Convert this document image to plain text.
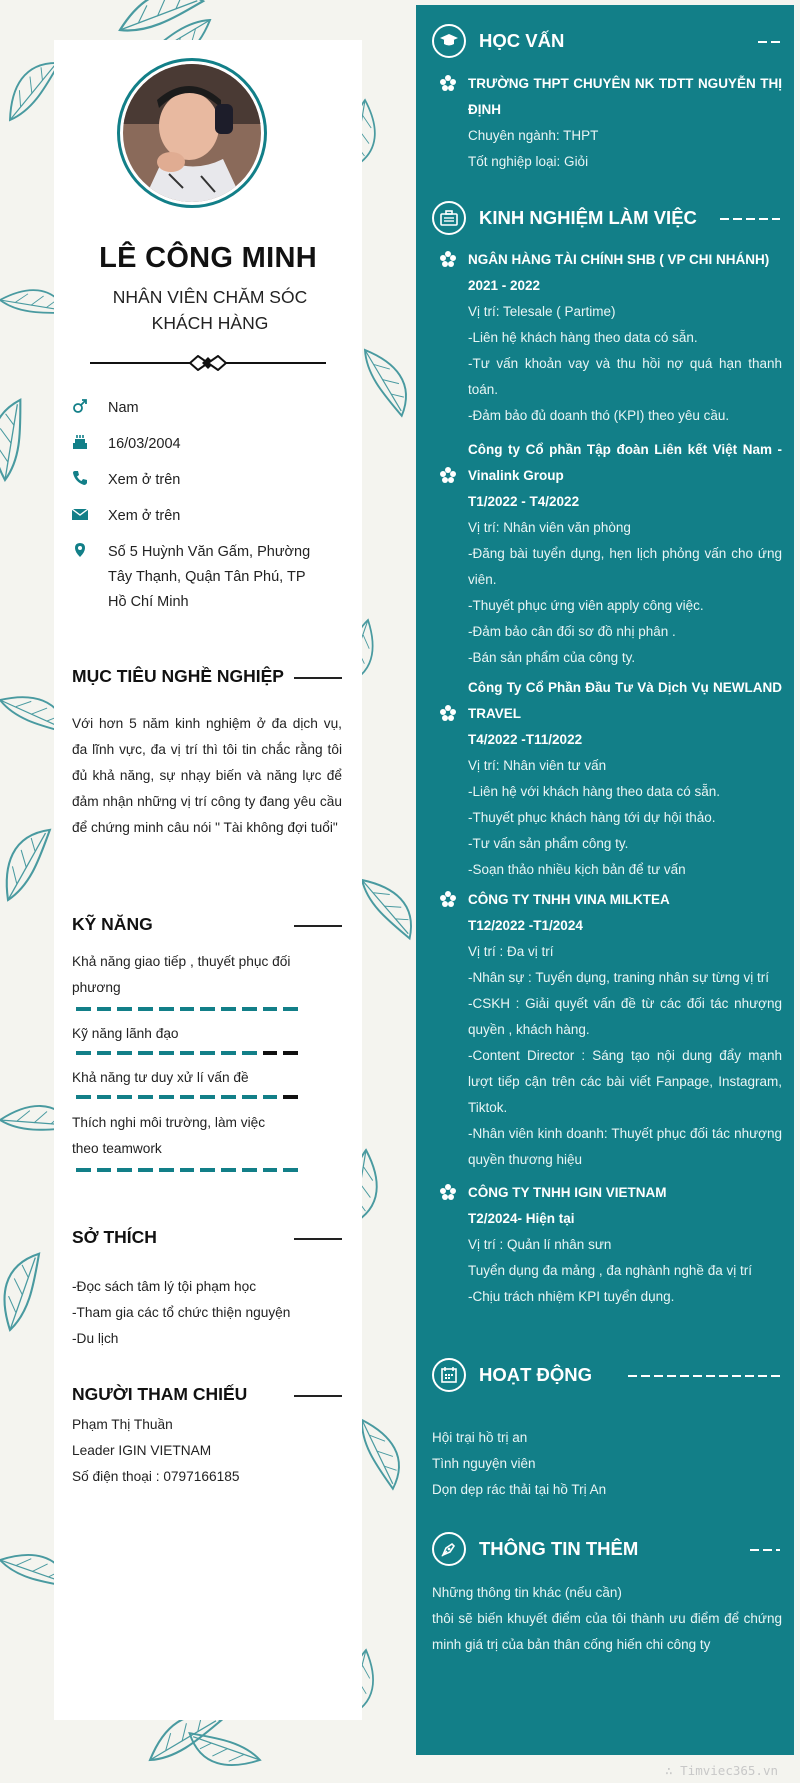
LÊ CÔNG MINH
NHÂN VIÊN CHĂM SÓC KHÁCH HÀNG
Nam
16/03/2004
Xem ở trên
Xem ở trên
Số 5 Huỳnh Văn Gấm, Phường Tây Thạnh, Quận Tân Phú, TP Hồ Chí Minh
MỤC TIÊU NGHỀ NGHIỆP
Với hơn 5 năm kinh nghiệm ở đa dịch vụ, đa lĩnh vực, đa vị trí thì tôi tin chắc rằng tôi đủ khả năng, sự nhạy biến và năng lực để đảm nhận những vị trí công ty đang yêu cầu để chứng minh câu nói " Tài không đợi tuổi"
KỸ NĂNG
Khả năng giao tiếp , thuyết phục đối phương
Kỹ năng lãnh đạo
Khả năng tư duy xử lí vấn đề
Thích nghi môi trường, làm việc theo teamwork
SỞ THÍCH
-Đọc sách tâm lý tội phạm học
-Tham gia các tổ chức thiện nguyện
-Du lịch
NGƯỜI THAM CHIẾU
Phạm Thị Thuần
Leader IGIN VIETNAM
Số điện thoại : 0797166185
HỌC VẤN
TRƯỜNG THPT CHUYÊN NK TDTT NGUYỄN THỊ ĐỊNH
Chuyên ngành: THPT
Tốt nghiệp loại: Giỏi
KINH NGHIỆM LÀM VIỆC
NGÂN HÀNG TÀI CHÍNH SHB ( VP CHI NHÁNH)
2021 - 2022
Vị trí: Telesale ( Partime)
-Liên hệ khách hàng theo data có sẵn.
-Tư vấn khoản vay và thu hồi nợ quá hạn thanh toán.
-Đảm bảo đủ doanh thó (KPI) theo yêu cầu.
Công ty Cổ phần Tập đoàn Liên kết Việt Nam - Vinalink Group
T1/2022 - T4/2022
Vị trí: Nhân viên văn phòng
-Đăng bài tuyển dụng, hẹn lịch phỏng vấn cho ứng viên.
-Thuyết phục ứng viên apply công việc.
-Đảm bảo cân đối sơ đồ nhị phân .
-Bán sản phẩm của công ty.
Công Ty Cổ Phần Đầu Tư Và Dịch Vụ NEWLAND TRAVEL
T4/2022 -T11/2022
Vị trí: Nhân viên tư vấn
-Liên hệ với khách hàng theo data có sẵn.
-Thuyết phục khách hàng tới dự hội thảo.
-Tư vấn sản phẩm công ty.
-Soạn thảo nhiều kịch bản để tư vấn
CÔNG TY TNHH VINA MILKTEA
T12/2022 -T1/2024
Vị trí : Đa vị trí
-Nhân sự : Tuyển dụng, traning nhân sự từng vị trí
-CSKH : Giải quyết vấn đề từ các đối tác nhượng quyền , khách hàng.
-Content Director : Sáng tạo nội dung đẩy mạnh lượt tiếp cận trên các bài viết Fanpage, Instagram, Tiktok.
-Nhân viên kinh doanh: Thuyết phục đối tác nhượng quyền thương hiệu
CÔNG TY TNHH IGIN VIETNAM
T2/2024- Hiện tại
Vị trí : Quản lí nhân sưn
Tuyển dụng đa mảng , đa nghành nghề đa vị trí
-Chịu trách nhiệm KPI tuyển dụng.
HOẠT ĐỘNG
Hội trại hồ trị an
Tình nguyện viên
Dọn dẹp rác thải tại hồ Trị An
THÔNG TIN THÊM
Những thông tin khác (nếu cần)
thôi sẽ biến khuyết điểm của tôi thành ưu điểm để chứng minh giá trị của bản thân cống hiến chi công ty
∴ Timviec365.vn
